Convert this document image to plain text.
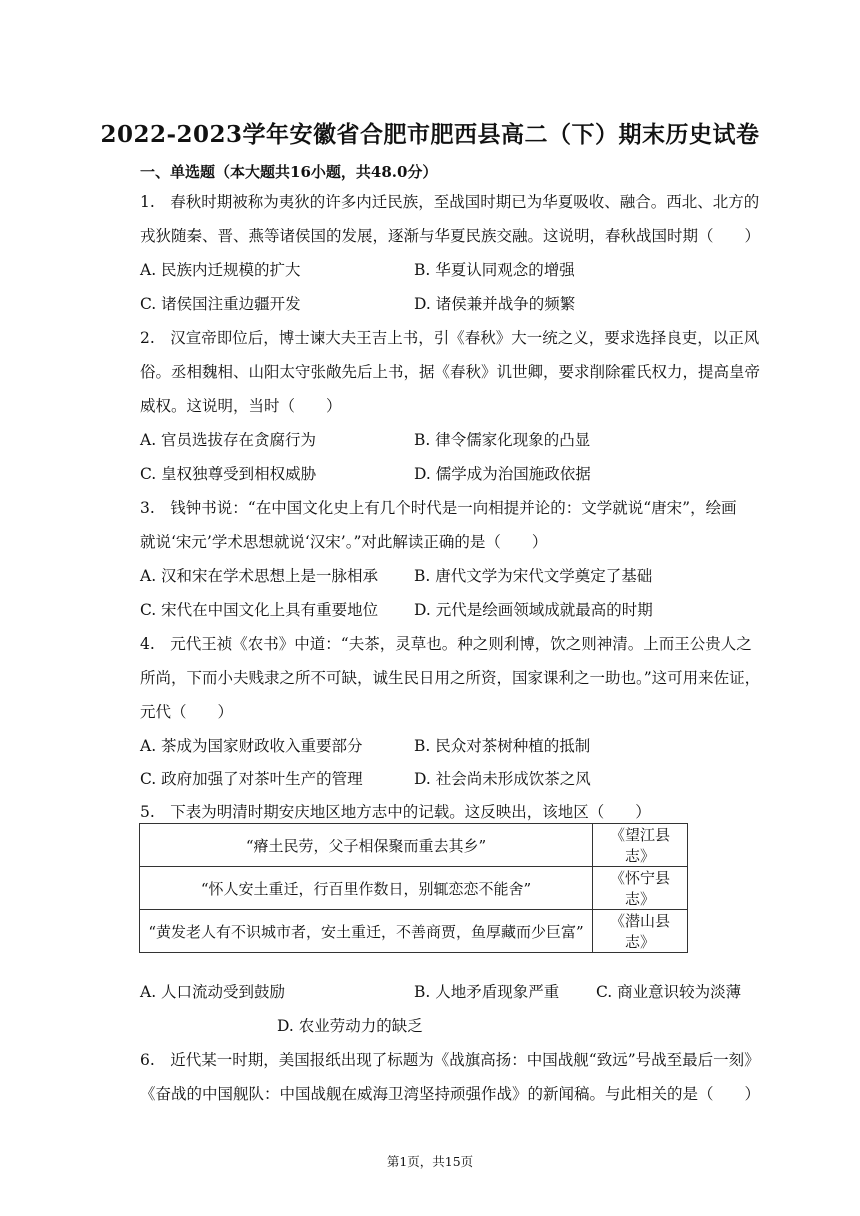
2022-2023学年安徽省合肥市肥西县高二（下）期末历史试卷
一、单选题（本大题共16小题，共48.0分）
1.　春秋时期被称为夷狄的许多内迁民族，至战国时期已为华夏吸收、融合。西北、北方的
戎狄随秦、晋、燕等诸侯国的发展，逐渐与华夏民族交融。这说明，春秋战国时期（　　）
A. 民族内迁规模的扩大	B. 华夏认同观念的增强
C. 诸侯国注重边疆开发	D. 诸侯兼并战争的频繁
2.　汉宣帝即位后，博士谏大夫王吉上书，引《春秋》大一统之义，要求选择良吏，以正风
俗。丞相魏相、山阳太守张敞先后上书，据《春秋》讥世卿，要求削除霍氏权力，提高皇帝
威权。这说明，当时（　　）
A. 官员选拔存在贪腐行为	B. 律令儒家化现象的凸显
C. 皇权独尊受到相权威胁	D. 儒学成为治国施政依据
3.　钱钟书说：“在中国文化史上有几个时代是一向相提并论的：文学就说“唐宋”，绘画
就说‘宋元’学术思想就说‘汉宋’。”对此解读正确的是（　　）
A. 汉和宋在学术思想上是一脉相承 B. 唐代文学为宋代文学奠定了基础
C. 宋代在中国文化上具有重要地位 D. 元代是绘画领域成就最高的时期
4.　元代王祯《农书》中道：“夫茶，灵草也。种之则利博，饮之则神清。上而王公贵人之
所尚，下而小夫贱隶之所不可缺，诚生民日用之所资，国家课利之一助也。”这可用来佐证，
元代（　　）
A. 茶成为国家财政收入重要部分	B. 民众对茶树种植的抵制
C. 政府加强了对茶叶生产的管理	D. 社会尚未形成饮茶之风
5.　下表为明清时期安庆地区地方志中的记载。这反映出，该地区（　　）
“瘠土民劳，父子相保聚而重去其乡”	《望江县志》
“怀人安土重迁，行百里作数日，别辄恋恋不能舍”	《怀宁县志》
“黄发老人有不识城市者，安土重迁，不善商贾，鱼厚藏而少巨富”	《潜山县志》
A. 人口流动受到鼓励	B. 人地矛盾现象严重 C. 商业意识较为淡薄
D. 农业劳动力的缺乏
6.　近代某一时期，美国报纸出现了标题为《战旗高扬：中国战舰“致远”号战至最后一刻》
《奋战的中国舰队：中国战舰在威海卫湾坚持顽强作战》的新闻稿。与此相关的是（　　）
第1页，共15页
